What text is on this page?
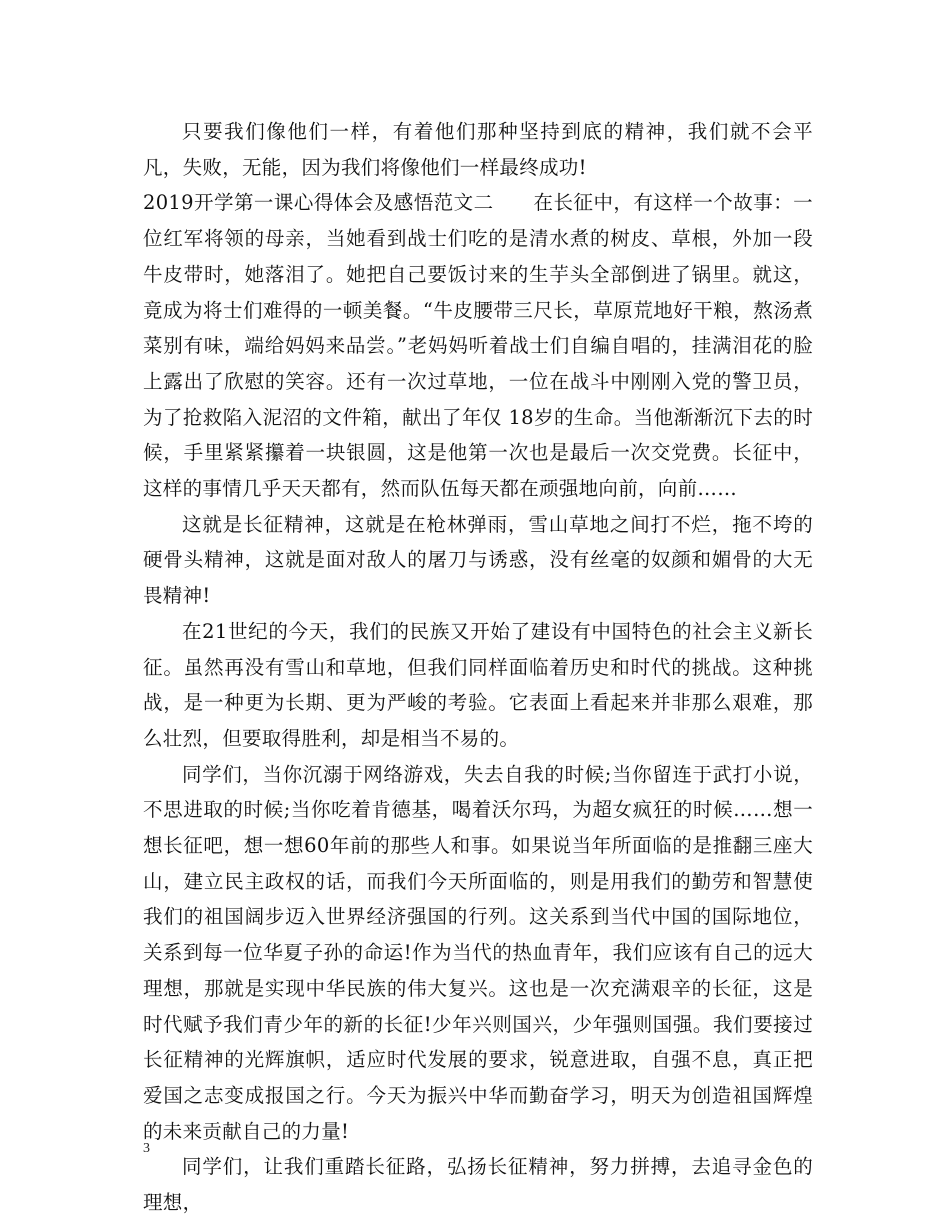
只要我们像他们一样，有着他们那种坚持到底的精神，我们就不会平凡，失败，无能，因为我们将像他们一样最终成功!

2019开学第一课心得体会及感悟范文二　　在长征中，有这样一个故事：一位红军将领的母亲，当她看到战士们吃的是清水煮的树皮、草根，外加一段牛皮带时，她落泪了。她把自己要饭讨来的生芋头全部倒进了锅里。就这，竟成为将士们难得的一顿美餐。“牛皮腰带三尺长，草原荒地好干粮，熬汤煮菜别有味，端给妈妈来品尝。”老妈妈听着战士们自编自唱的，挂满泪花的脸上露出了欣慰的笑容。还有一次过草地，一位在战斗中刚刚入党的警卫员，为了抢救陷入泥沼的文件箱，献出了年仅 18岁的生命。当他渐渐沉下去的时候，手里紧紧攥着一块银圆，这是他第一次也是最后一次交党费。长征中，这样的事情几乎天天都有，然而队伍每天都在顽强地向前，向前……

这就是长征精神，这就是在枪林弹雨，雪山草地之间打不烂，拖不垮的硬骨头精神，这就是面对敌人的屠刀与诱惑，没有丝毫的奴颜和媚骨的大无畏精神!

在21世纪的今天，我们的民族又开始了建设有中国特色的社会主义新长征。虽然再没有雪山和草地，但我们同样面临着历史和时代的挑战。这种挑战，是一种更为长期、更为严峻的考验。它表面上看起来并非那么艰难，那么壮烈，但要取得胜利，却是相当不易的。

同学们，当你沉溺于网络游戏，失去自我的时候;当你留连于武打小说，不思进取的时候;当你吃着肯德基，喝着沃尔玛，为超女疯狂的时候……想一想长征吧，想一想60年前的那些人和事。如果说当年所面临的是推翻三座大山，建立民主政权的话，而我们今天所面临的，则是用我们的勤劳和智慧使我们的祖国阔步迈入世界经济强国的行列。这关系到当代中国的国际地位，关系到每一位华夏子孙的命运!作为当代的热血青年，我们应该有自己的远大理想，那就是实现中华民族的伟大复兴。这也是一次充满艰辛的长征，这是时代赋予我们青少年的新的长征!少年兴则国兴，少年强则国强。我们要接过长征精神的光辉旗帜，适应时代发展的要求，锐意进取，自强不息，真正把爱国之志变成报国之行。今天为振兴中华而勤奋学习，明天为创造祖国辉煌的未来贡献自己的力量!

同学们，让我们重踏长征路，弘扬长征精神，努力拼搏，去追寻金色的理想，

3
